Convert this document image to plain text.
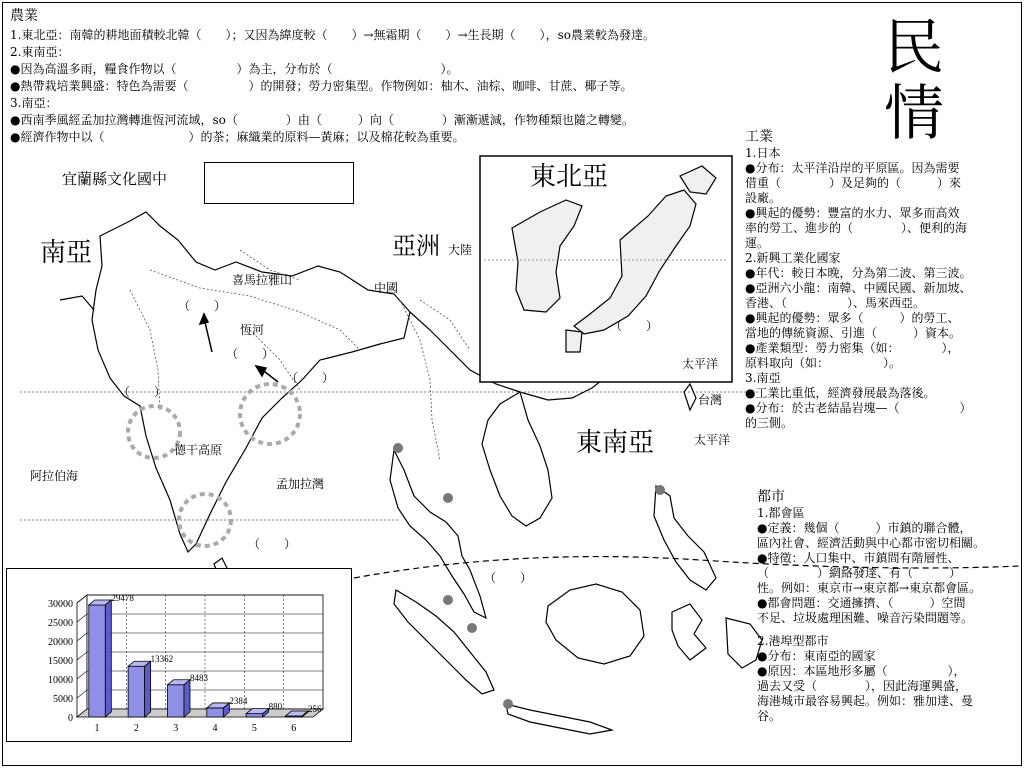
農業
1.東北亞：南韓的耕地面積較北韓（　　）；又因為緯度較（　　）→無霜期（　　）→生長期（　　），so農業較為發達。
2.東南亞：
●因為高溫多雨，糧食作物以（　　　　　）為主，分布於（　　　　　　　　　）。
●熱帶栽培業興盛：特色為需要（　　　　　）的開發；勞力密集型。作物例如：柚木、油棕、咖啡、甘蔗、椰子等。
3.南亞：
●西南季風經孟加拉灣轉進恆河流域，so（　　　　）由（　　　）向（　　　　）漸漸遞減，作物種類也隨之轉變。
●經濟作物中以（　　　　　　　）的茶；麻織業的原料—黃麻；以及棉花較為重要。
民
情
宜蘭縣文化國中
南亞	亞洲 大陸
喜馬拉雅山
中國
恆河
德干高原
阿拉伯海
孟加拉灣
東北亞
太平洋
台灣
東南亞	太平洋
（　　）
（　　）
（　　）
（　　）
（　　）
（　　）
（　　）
工業
1.日本
●分布：太平洋沿岸的平原區。因為需要
借重（　　　　）及足夠的（　　　）來
設廠。
●興起的優勢：豐富的水力、眾多而高效
率的勞工、進步的（　　　　）、便利的海
運。
2.新興工業化國家
●年代：較日本晚，分為第二波、第三波。
●亞洲六小龍：南韓、中國民國、新加坡、
香港、（　　　　　）、馬來西亞。
●興起的優勢：眾多（　　　）的勞工、
當地的傳統資源、引進（　　　）資本。
●產業類型：勞力密集（如：　　　　），
原料取向（如：　　　　　）。
3.南亞
●工業比重低，經濟發展最為落後。
●分布：於古老結晶岩塊—（　　　　　）
的三側。
都市
1.都會區
●定義：幾個（　　　）市鎮的聯合體，
區內社會、經濟活動與中心都市密切相關。
●特徵：人口集中、市鎮間有階層性、
（　　　　）網絡發達、有（　　　）
性。例如：東京市→東京都→東京都會區。
●都會問題：交通擁擠、（　　　）空間
不足、垃圾處理困難、噪音污染問題等。
2.港埠型都市
●分布：東南亞的國家
●原因：本區地形多屬（　　　　　），
過去又受（　　　　），因此海運興盛，
海港城市最容易興起。例如：雅加達、曼
谷。
0
5000
10000
15000
20000
25000
30000
29478
1
13362
2
8483
3
2384
4
880
5
256
6
